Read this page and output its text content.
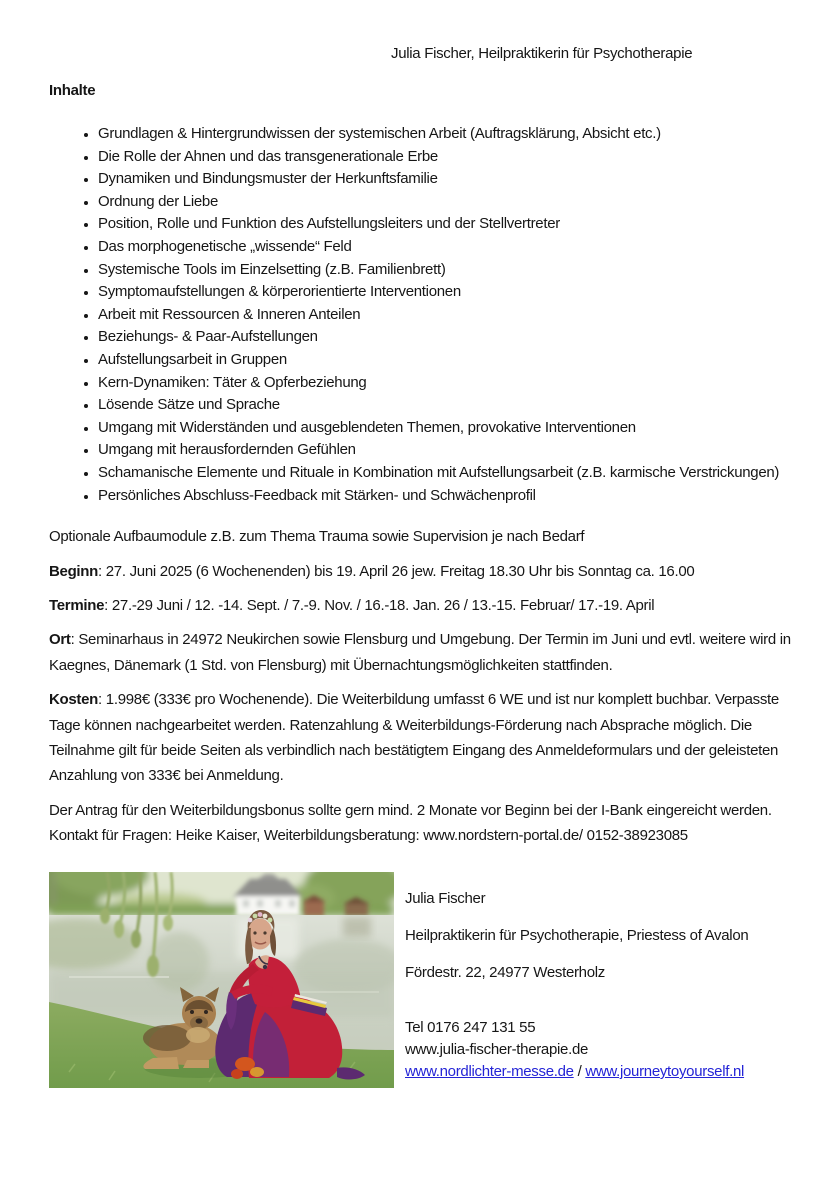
Julia Fischer, Heilpraktikerin für Psychotherapie
Inhalte
• Grundlagen & Hintergrundwissen der systemischen Arbeit (Auftragsklärung, Absicht etc.)
• Die Rolle der Ahnen und das transgenerationale Erbe
• Dynamiken und Bindungsmuster der Herkunftsfamilie
• Ordnung der Liebe
• Position, Rolle und Funktion des Aufstellungsleiters und der Stellvertreter
• Das morphogenetische „wissende“ Feld
• Systemische Tools im Einzelsetting (z.B. Familienbrett)
• Symptomaufstellungen & körperorientierte Interventionen
• Arbeit mit Ressourcen & Inneren Anteilen
• Beziehungs- & Paar-Aufstellungen
• Aufstellungsarbeit in Gruppen
• Kern-Dynamiken: Täter & Opferbeziehung
• Lösende Sätze und Sprache
• Umgang mit Widerständen und ausgeblendeten Themen, provokative Interventionen
• Umgang mit herausfordernden Gefühlen
• Schamanische Elemente und Rituale in Kombination mit Aufstellungsarbeit (z.B. karmische Verstrickungen)
• Persönliches Abschluss-Feedback mit Stärken- und Schwächenprofil

Optionale Aufbaumodule z.B. zum Thema Trauma sowie Supervision je nach Bedarf

Beginn: 27. Juni 2025 (6 Wochenenden) bis 19. April 26 jew. Freitag 18.30 Uhr bis Sonntag ca. 16.00

Termine: 27.-29 Juni / 12. -14. Sept. / 7.-9. Nov. / 16.-18. Jan. 26 / 13.-15. Februar/ 17.-19. April

Ort: Seminarhaus in 24972 Neukirchen sowie Flensburg und Umgebung. Der Termin im Juni und evtl. weitere wird in Kaegnes, Dänemark (1 Std. von Flensburg) mit Übernachtungsmöglichkeiten stattfinden.

Kosten: 1.998€ (333€ pro Wochenende). Die Weiterbildung umfasst 6 WE und ist nur komplett buchbar. Verpasste Tage können nachgearbeitet werden. Ratenzahlung & Weiterbildungs-Förderung nach Absprache möglich. Die Teilnahme gilt für beide Seiten als verbindlich nach bestätigtem Eingang des Anmeldeformulars und der geleisteten Anzahlung von 333€ bei Anmeldung.

Der Antrag für den Weiterbildungsbonus sollte gern mind. 2 Monate vor Beginn bei der I-Bank eingereicht werden. Kontakt für Fragen: Heike Kaiser, Weiterbildungsberatung: www.nordstern-portal.de/ 0152-38923085

Julia Fischer

Heilpraktikerin für Psychotherapie, Priestess of Avalon

Fördestr. 22, 24977 Westerholz

Tel 0176 247 131 55

www.julia-fischer-therapie.de

www.nordlichter-messe.de / www.journeytoyourself.nl
